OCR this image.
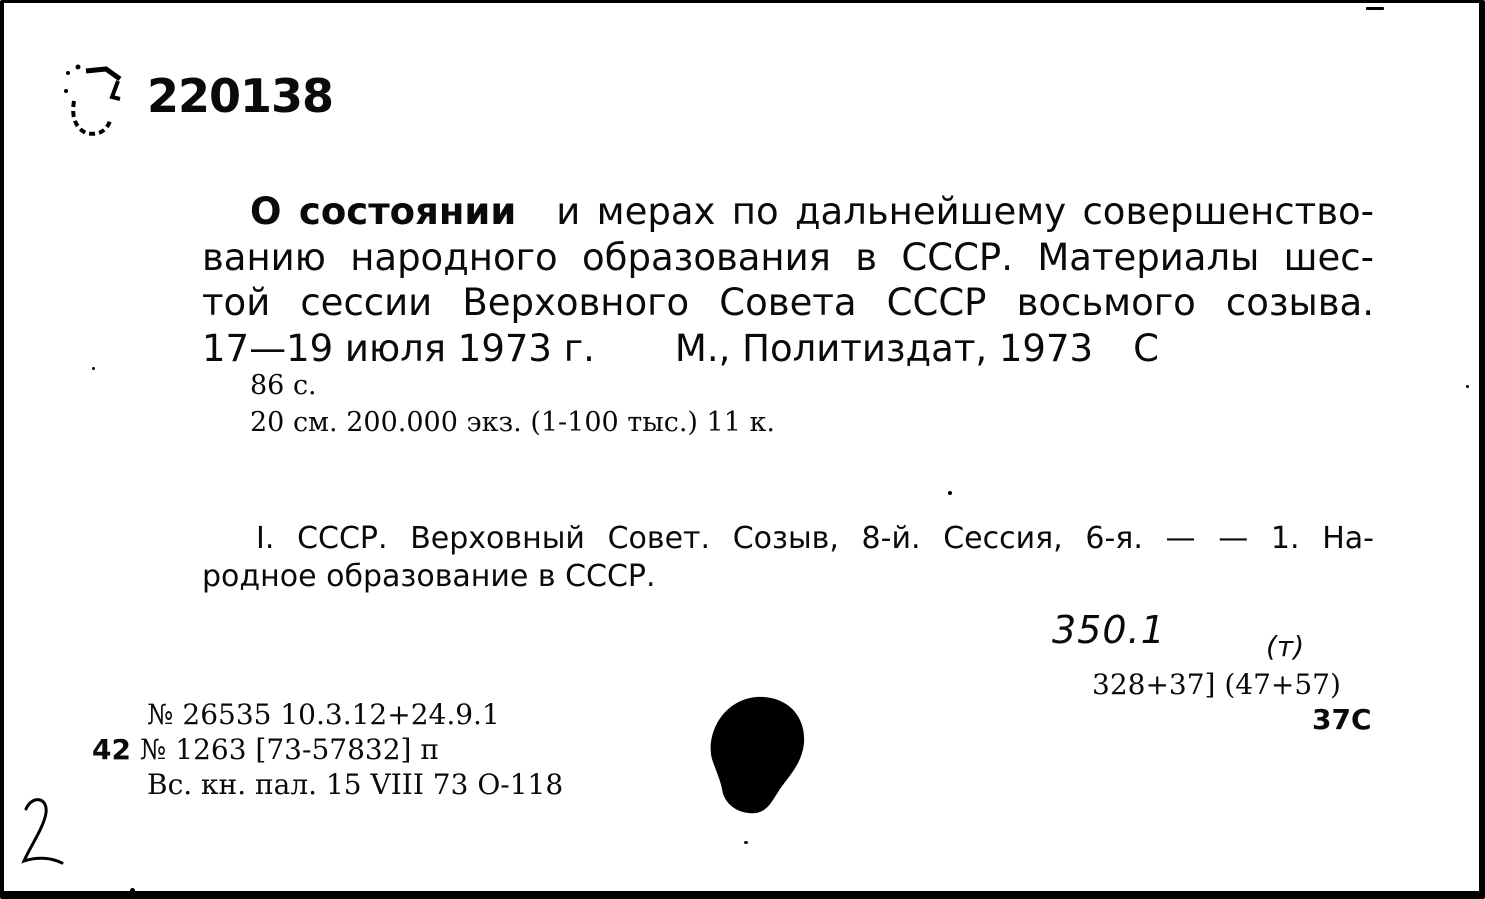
220138
О состоянии и мерах по дальнейшему совершенство-
ванию народного образования в СССР. Материалы шес-
той сессии Верховного Совета СССР восьмого созыва.
17—19 июля 1973 г. М., Политиздат, 1973 С
86 с.
20 см. 200.000 экз. (1-100 тыс.) 11 к.
I. СССР. Верховный Совет. Созыв, 8-й. Сессия, 6-я. — — 1. На-
родное образование в СССР.
350.1	(т)
328+37] (47+57)
37С
№ 26535 10.3.12+24.9.1
42 № 1263 [73-57832] п
Вс. кн. пал. 15 VIII 73 О-118
